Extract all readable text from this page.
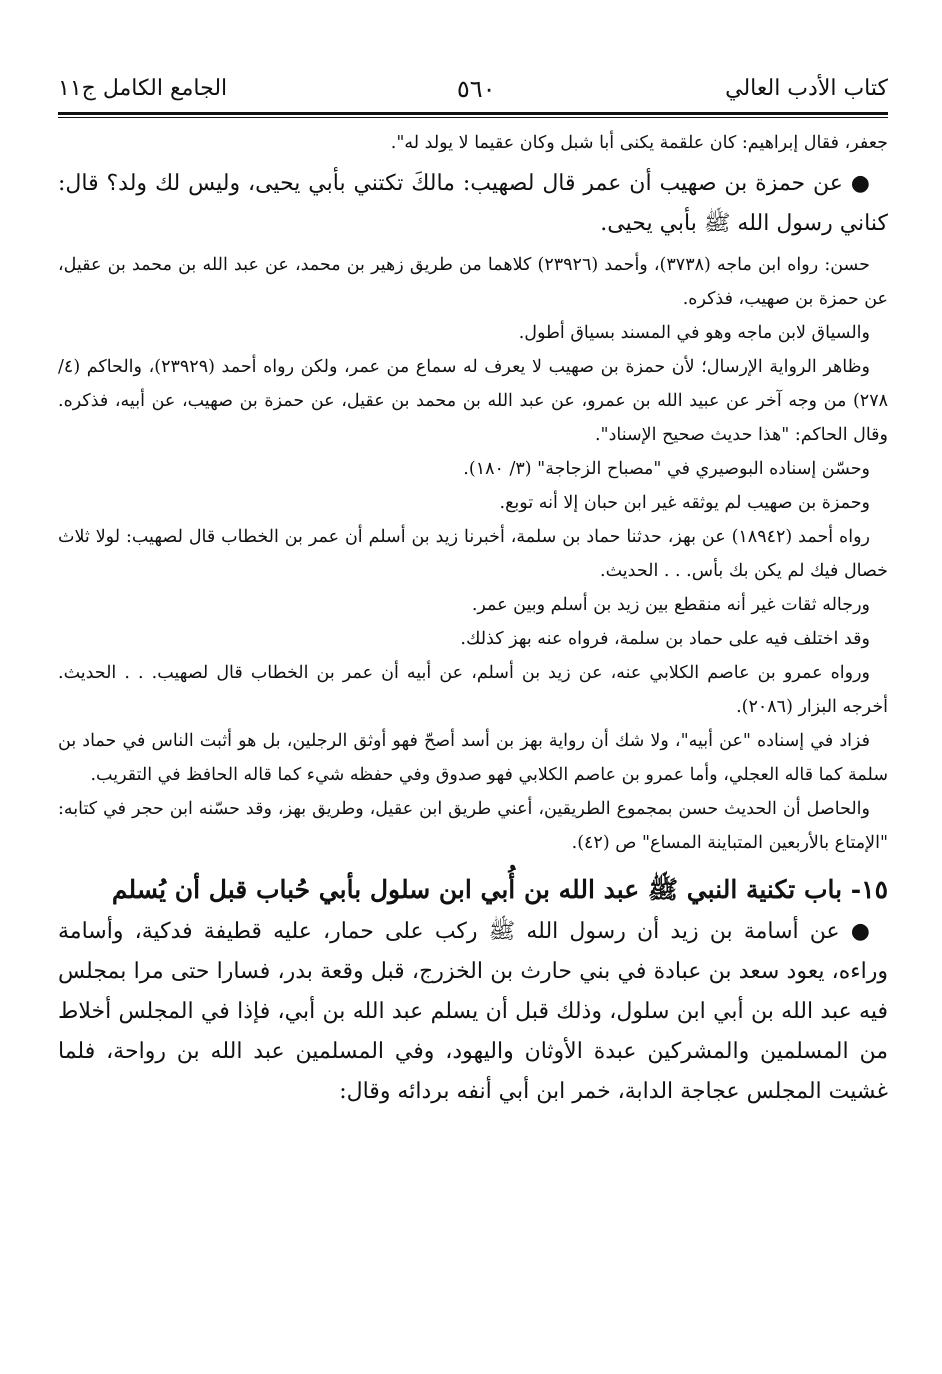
كتاب الأدب العالي
٥٦٠
الجامع الكامل ج١١

جعفر، فقال إبراهيم: كان علقمة يكنى أبا شبل وكان عقيما لا يولد له".

● عن حمزة بن صهيب أن عمر قال لصهيب: مالكَ تكتني بأبي يحيى، وليس لك ولد؟ قال: كناني رسول الله ﷺ بأبي يحيى.

حسن: رواه ابن ماجه (٣٧٣٨)، وأحمد (٢٣٩٢٦) كلاهما من طريق زهير بن محمد، عن عبد الله بن محمد بن عقيل، عن حمزة بن صهيب، فذكره.

والسياق لابن ماجه وهو في المسند بسياق أطول.

وظاهر الرواية الإرسال؛ لأن حمزة بن صهيب لا يعرف له سماع من عمر، ولكن رواه أحمد (٢٣٩٢٩)، والحاكم (٤/ ٢٧٨) من وجه آخر عن عبيد الله بن عمرو، عن عبد الله بن محمد بن عقيل، عن حمزة بن صهيب، عن أبيه، فذكره. وقال الحاكم: "هذا حديث صحيح الإسناد".

وحسّن إسناده البوصيري في "مصباح الزجاجة" (٣/ ١٨٠).

وحمزة بن صهيب لم يوثقه غير ابن حبان إلا أنه توبع.

رواه أحمد (١٨٩٤٢) عن بهز، حدثنا حماد بن سلمة، أخبرنا زيد بن أسلم أن عمر بن الخطاب قال لصهيب: لولا ثلاث خصال فيك لم يكن بك بأس. . . الحديث.

ورجاله ثقات غير أنه منقطع بين زيد بن أسلم وبين عمر.

وقد اختلف فيه على حماد بن سلمة، فرواه عنه بهز كذلك.

ورواه عمرو بن عاصم الكلابي عنه، عن زيد بن أسلم، عن أبيه أن عمر بن الخطاب قال لصهيب. . . الحديث. أخرجه البزار (٢٠٨٦).

فزاد في إسناده "عن أبيه"، ولا شك أن رواية بهز بن أسد أصحّ فهو أوثق الرجلين، بل هو أثبت الناس في حماد بن سلمة كما قاله العجلي، وأما عمرو بن عاصم الكلابي فهو صدوق وفي حفظه شيء كما قاله الحافظ في التقريب.

والحاصل أن الحديث حسن بمجموع الطريقين، أعني طريق ابن عقيل، وطريق بهز، وقد حسّنه ابن حجر في كتابه: "الإمتاع بالأربعين المتباينة المساع" ص (٤٢).

١٥- باب تكنية النبي ﷺ عبد الله بن أُبي ابن سلول بأبي حُباب قبل أن يُسلم

● عن أسامة بن زيد أن رسول الله ﷺ ركب على حمار، عليه قطيفة فدكية، وأسامة وراءه، يعود سعد بن عبادة في بني حارث بن الخزرج، قبل وقعة بدر، فسارا حتى مرا بمجلس فيه عبد الله بن أبي ابن سلول، وذلك قبل أن يسلم عبد الله بن أبي، فإذا في المجلس أخلاط من المسلمين والمشركين عبدة الأوثان واليهود، وفي المسلمين عبد الله بن رواحة، فلما غشيت المجلس عجاجة الدابة، خمر ابن أبي أنفه بردائه وقال:
